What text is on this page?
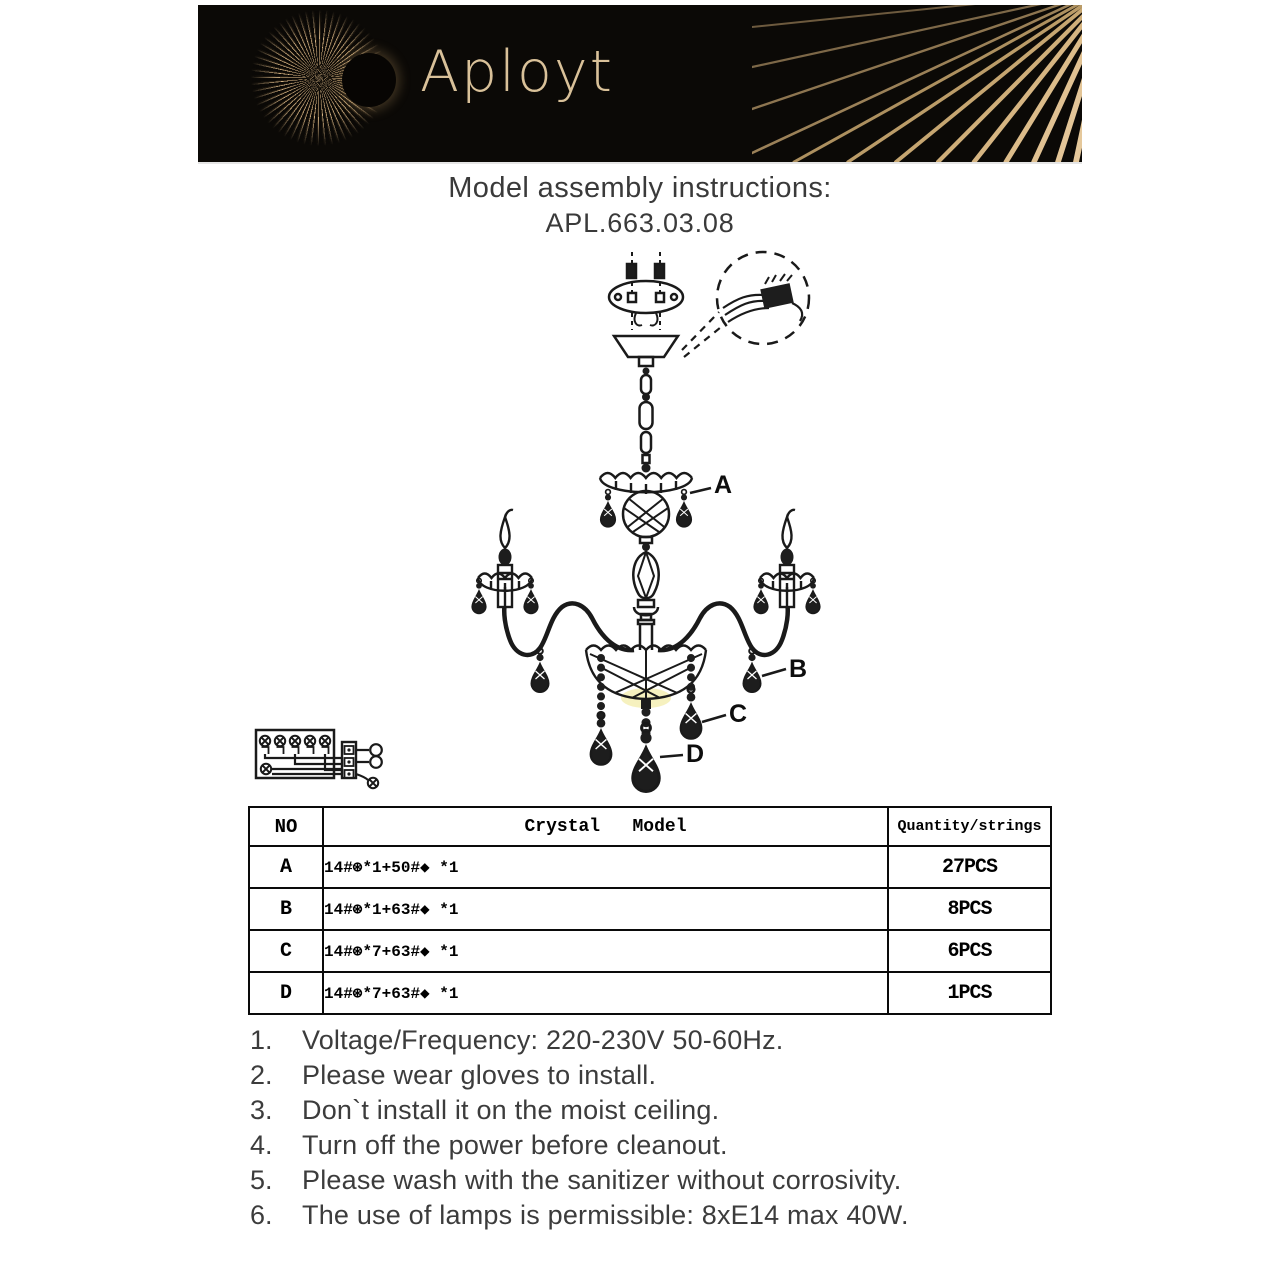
Aployt
Model assembly instructions:
APL.663.03.08
A
B
C
D
NO	Crystal   Model	Quantity/strings
A	14#⊛*1+50#◆ *1	27PCS
B	14#⊛*1+63#◆ *1	8PCS
C	14#⊛*7+63#◆ *1	6PCS
D	14#⊛*7+63#◆ *1	1PCS
1.	Voltage/Frequency: 220-230V 50-60Hz.
2.	Please wear gloves to install.
3.	Don`t install it on the moist ceiling.
4.	Turn off the power before cleanout.
5.	Please wash with the sanitizer without corrosivity.
6.	The use of lamps is permissible: 8xE14 max 40W.
